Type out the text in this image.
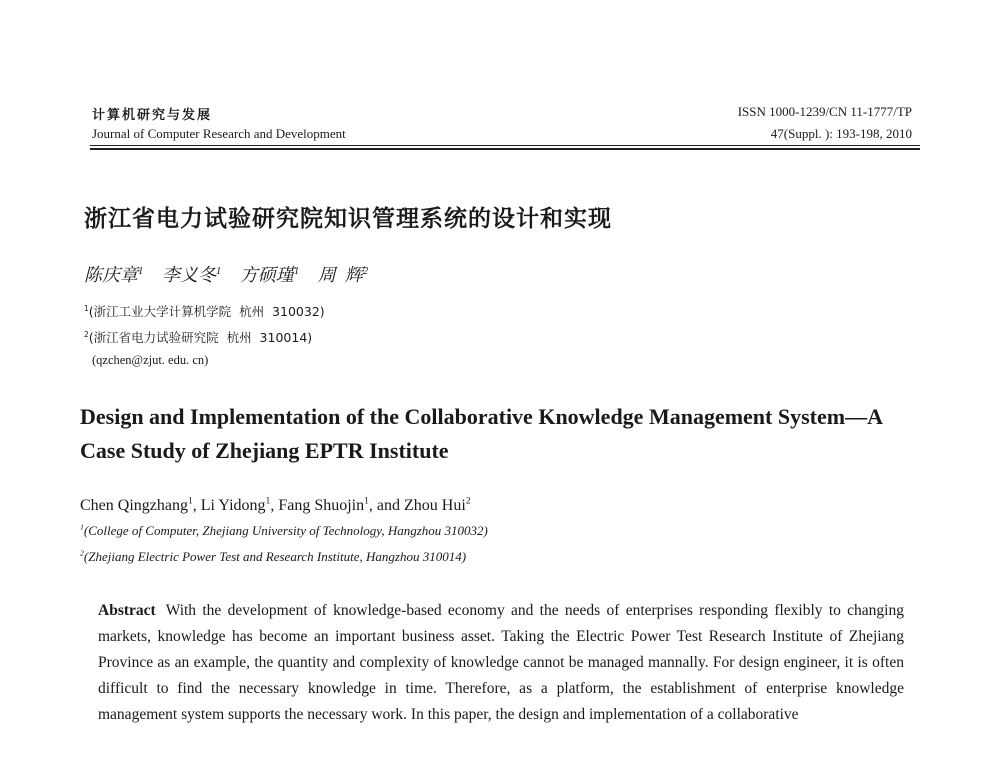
计算机研究与发展
Journal of Computer Research and Development
ISSN 1000-1239/CN 11-1777/TP
47(Suppl. ): 193-198, 2010
浙江省电力试验研究院知识管理系统的设计和实现
陈庆章$^1$ 李义冬$^1$ 方硕瑾$^1$ 周  辉$^2$
$^1$(浙江工业大学计算机学院  杭州  310032)
$^2$(浙江省电力试验研究院  杭州  310014)
(qzchen@zjut. edu. cn)
Design and Implementation of the Collaborative Knowledge Management System—A Case Study of Zhejiang EPTR Institute
Chen Qingzhang$^1$, Li Yidong$^1$, Fang Shuojin$^1$, and Zhou Hui$^2$
$^1$(College of Computer, Zhejiang University of Technology, Hangzhou 310032)
$^2$(Zhejiang Electric Power Test and Research Institute, Hangzhou 310014)
Abstract With the development of knowledge-based economy and the needs of enterprises responding flexibly to changing markets, knowledge has become an important business asset. Taking the Electric Power Test Research Institute of Zhejiang Province as an example, the quantity and complexity of knowledge cannot be managed mannally. For design engineer, it is often difficult to find the necessary knowledge in time. Therefore, as a platform, the establishment of enterprise knowledge management system supports the necessary work. In this paper, the design and implementation of a collaborative
